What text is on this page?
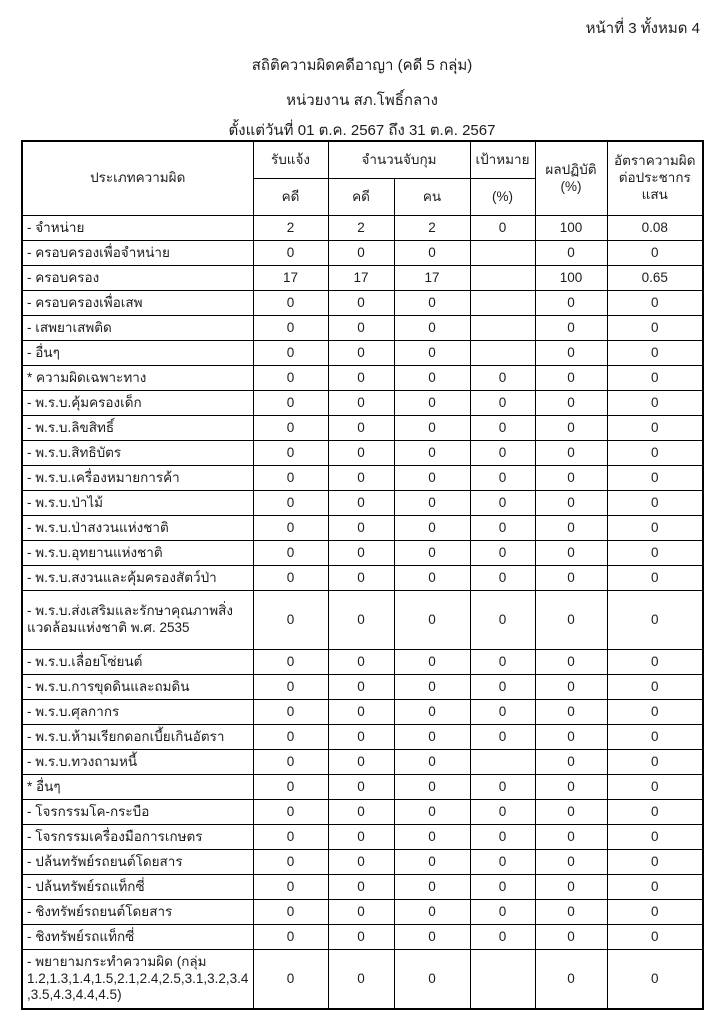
หน้าที่ 3 ทั้งหมด 4
สถิติความผิดคดีอาญา (คดี 5 กลุ่ม)
หน่วยงาน สภ.โพธิ์กลาง
ตั้งแต่วันที่ 01 ต.ค. 2567 ถึง 31 ต.ค. 2567
ประเภทความผิด	รับแจ้ง	จำนวนจับกุม		เป้าหมาย	ผลปฏิบัติ (%)	อัตราความผิดต่อประชากรแสน
	คดี	คดี	คน	(%)		
- จำหน่าย	2	2	2	0	100	0.08
- ครอบครองเพื่อจำหน่าย	0	0	0		0	0
- ครอบครอง	17	17	17		100	0.65
- ครอบครองเพื่อเสพ	0	0	0		0	0
- เสพยาเสพติด	0	0	0		0	0
- อื่นๆ	0	0	0		0	0
* ความผิดเฉพาะทาง	0	0	0	0	0	0
- พ.ร.บ.คุ้มครองเด็ก	0	0	0	0	0	0
- พ.ร.บ.ลิขสิทธิ์	0	0	0	0	0	0
- พ.ร.บ.สิทธิบัตร	0	0	0	0	0	0
- พ.ร.บ.เครื่องหมายการค้า	0	0	0	0	0	0
- พ.ร.บ.ป่าไม้	0	0	0	0	0	0
- พ.ร.บ.ป่าสงวนแห่งชาติ	0	0	0	0	0	0
- พ.ร.บ.อุทยานแห่งชาติ	0	0	0	0	0	0
- พ.ร.บ.สงวนและคุ้มครองสัตว์ป่า	0	0	0	0	0	0
- พ.ร.บ.ส่งเสริมและรักษาคุณภาพสิ่งแวดล้อมแห่งชาติ พ.ศ. 2535	0	0	0	0	0	0
- พ.ร.บ.เลื่อยโซ่ยนต์	0	0	0	0	0	0
- พ.ร.บ.การขุดดินและถมดิน	0	0	0	0	0	0
- พ.ร.บ.ศุลกากร	0	0	0	0	0	0
- พ.ร.บ.ห้ามเรียกดอกเบี้ยเกินอัตรา	0	0	0	0	0	0
- พ.ร.บ.ทวงถามหนี้	0	0	0		0	0
* อื่นๆ	0	0	0	0	0	0
- โจรกรรมโค-กระบือ	0	0	0	0	0	0
- โจรกรรมเครื่องมือการเกษตร	0	0	0	0	0	0
- ปล้นทรัพย์รถยนต์โดยสาร	0	0	0	0	0	0
- ปล้นทรัพย์รถแท็กซี่	0	0	0	0	0	0
- ชิงทรัพย์รถยนต์โดยสาร	0	0	0	0	0	0
- ชิงทรัพย์รถแท็กซี่	0	0	0	0	0	0
- พยายามกระทำความผิด (กลุ่ม 1.2,1.3,1.4,1.5,2.1,2.4,2.5,3.1,3.2,3.4,3.5,4.3,4.4,4.5)	0	0	0		0	0
